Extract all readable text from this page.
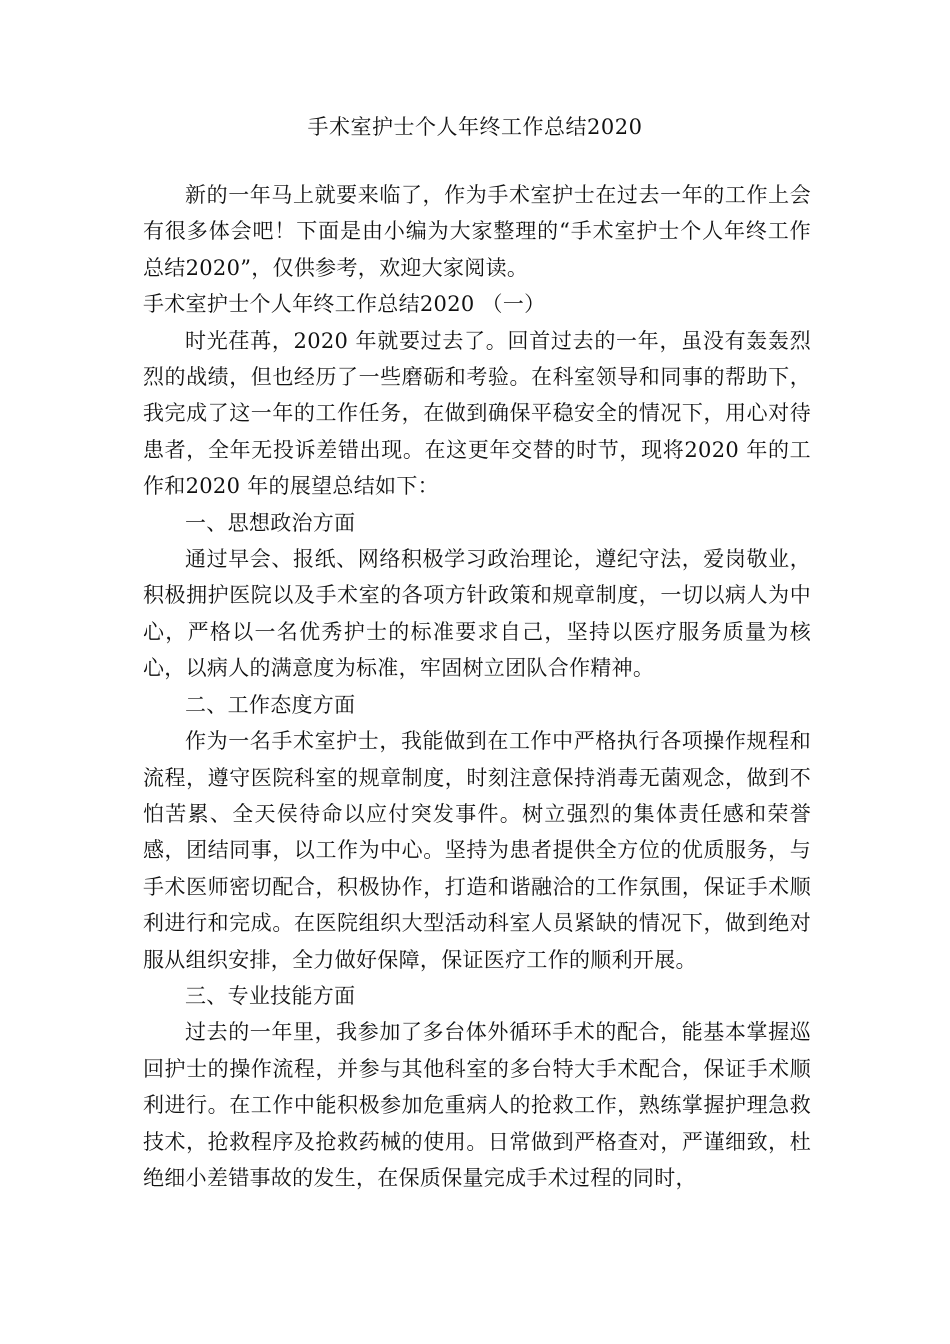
手术室护士个人年终工作总结2020

新的一年马上就要来临了，作为手术室护士在过去一年的工作上会有很多体会吧！下面是由小编为大家整理的“手术室护士个人年终工作总结2020”，仅供参考，欢迎大家阅读。

手术室护士个人年终工作总结2020 （一）

时光荏苒，2020 年就要过去了。回首过去的一年，虽没有轰轰烈烈的战绩，但也经历了一些磨砺和考验。在科室领导和同事的帮助下，我完成了这一年的工作任务，在做到确保平稳安全的情况下，用心对待患者，全年无投诉差错出现。在这更年交替的时节，现将2020 年的工作和2020 年的展望总结如下：

一、思想政治方面

通过早会、报纸、网络积极学习政治理论，遵纪守法，爱岗敬业，积极拥护医院以及手术室的各项方针政策和规章制度，一切以病人为中心，严格以一名优秀护士的标准要求自己，坚持以医疗服务质量为核心，以病人的满意度为标准，牢固树立团队合作精神。

二、工作态度方面

作为一名手术室护士，我能做到在工作中严格执行各项操作规程和流程，遵守医院科室的规章制度，时刻注意保持消毒无菌观念，做到不怕苦累、全天侯待命以应付突发事件。树立强烈的集体责任感和荣誉感，团结同事，以工作为中心。坚持为患者提供全方位的优质服务，与手术医师密切配合，积极协作，打造和谐融洽的工作氛围，保证手术顺利进行和完成。在医院组织大型活动科室人员紧缺的情况下，做到绝对服从组织安排，全力做好保障，保证医疗工作的顺利开展。

三、专业技能方面

过去的一年里，我参加了多台体外循环手术的配合，能基本掌握巡回护士的操作流程，并参与其他科室的多台特大手术配合，保证手术顺利进行。在工作中能积极参加危重病人的抢救工作，熟练掌握护理急救技术，抢救程序及抢救药械的使用。日常做到严格查对，严谨细致，杜绝细小差错事故的发生，在保质保量完成手术过程的同时，
